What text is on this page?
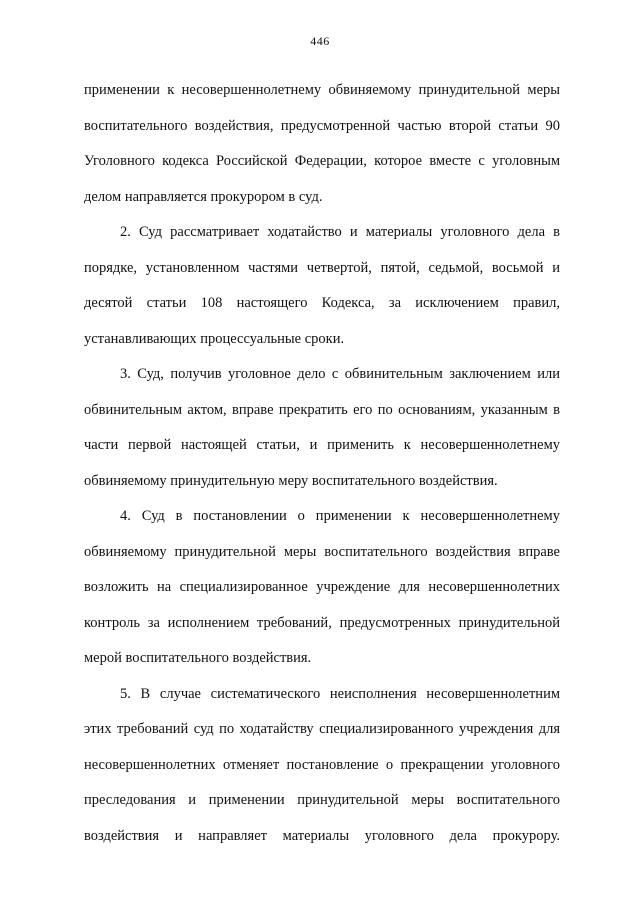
446
применении к несовершеннолетнему обвиняемому принудительной меры
воспитательного воздействия, предусмотренной частью второй статьи 90
Уголовного кодекса Российской Федерации, которое вместе с уголовным
делом направляется прокурором в суд.
2. Суд рассматривает ходатайство и материалы уголовного дела в
порядке, установленном частями четвертой, пятой, седьмой, восьмой и
десятой статьи 108 настоящего Кодекса, за исключением правил,
устанавливающих процессуальные сроки.
3. Суд, получив уголовное дело с обвинительным заключением или
обвинительным актом, вправе прекратить его по основаниям, указанным в
части первой настоящей статьи, и применить к несовершеннолетнему
обвиняемому принудительную меру воспитательного воздействия.
4. Суд в постановлении о применении к несовершеннолетнему
обвиняемому принудительной меры воспитательного воздействия вправе
возложить на специализированное учреждение для несовершеннолетних
контроль за исполнением требований, предусмотренных принудительной
мерой воспитательного воздействия.
5. В случае систематического неисполнения несовершеннолетним
этих требований суд по ходатайству специализированного учреждения для
несовершеннолетних отменяет постановление о прекращении уголовного
преследования и применении принудительной меры воспитательного
воздействия и направляет материалы уголовного дела прокурору.
